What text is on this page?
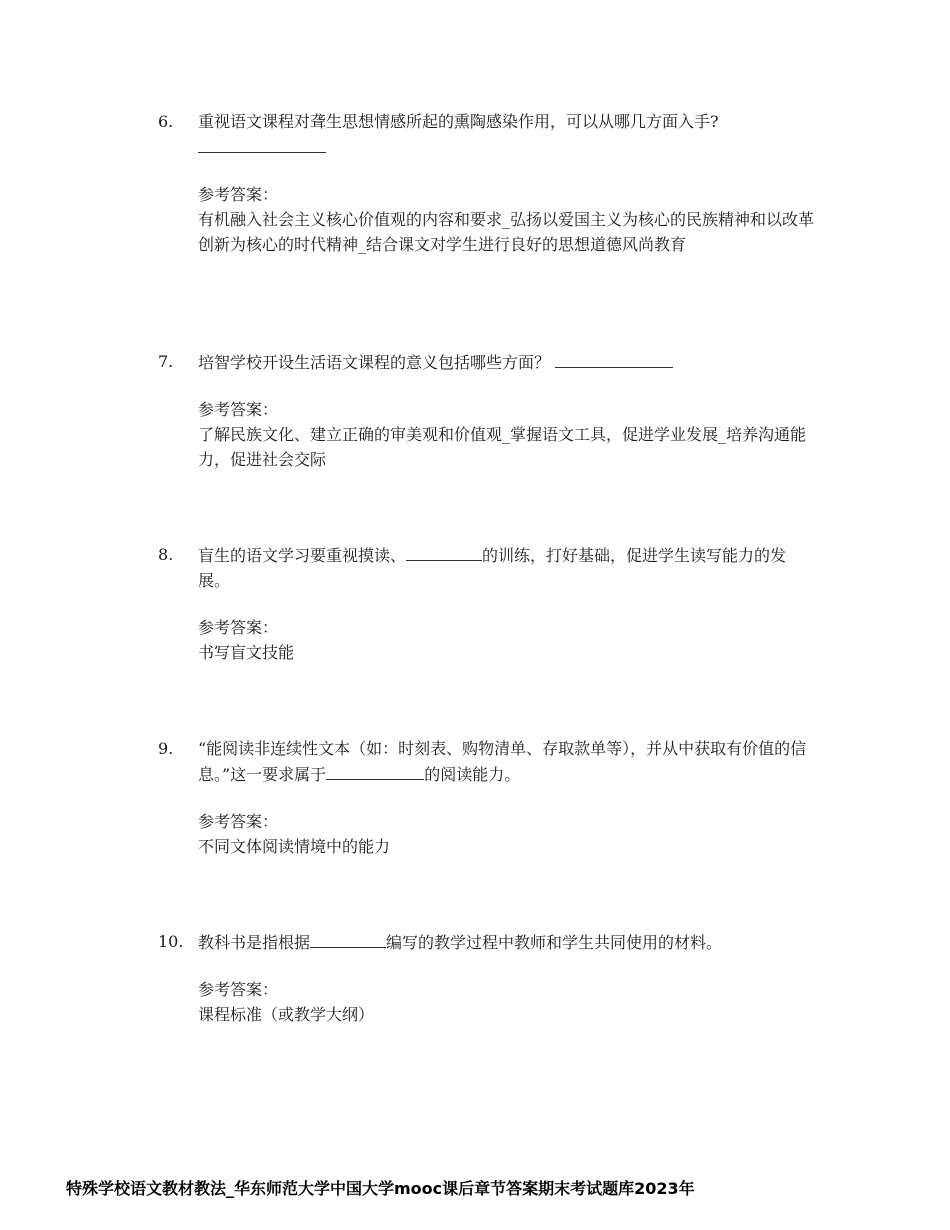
6. 重视语文课程对聋生思想情感所起的熏陶感染作用，可以从哪几方面入手?
参考答案：
有机融入社会主义核心价值观的内容和要求_弘扬以爱国主义为核心的民族精神和以改革创新为核心的时代精神_结合课文对学生进行良好的思想道德风尚教育
7. 培智学校开设生活语文课程的意义包括哪些方面？
参考答案：
了解民族文化、建立正确的审美观和价值观_掌握语文工具，促进学业发展_培养沟通能力，促进社会交际
8. 盲生的语文学习要重视摸读、	的训练，打好基础，促进学生读写能力的发展。
参考答案：
书写盲文技能
9. “能阅读非连续性文本（如：时刻表、购物清单、存取款单等），并从中获取有价值的信息。”这一要求属于	的阅读能力。
参考答案：
不同文体阅读情境中的能力
10. 教科书是指根据	编写的教学过程中教师和学生共同使用的材料。
参考答案：
课程标准（或教学大纲）
特殊学校语文教材教法_华东师范大学中国大学mooc课后章节答案期末考试题库2023年
